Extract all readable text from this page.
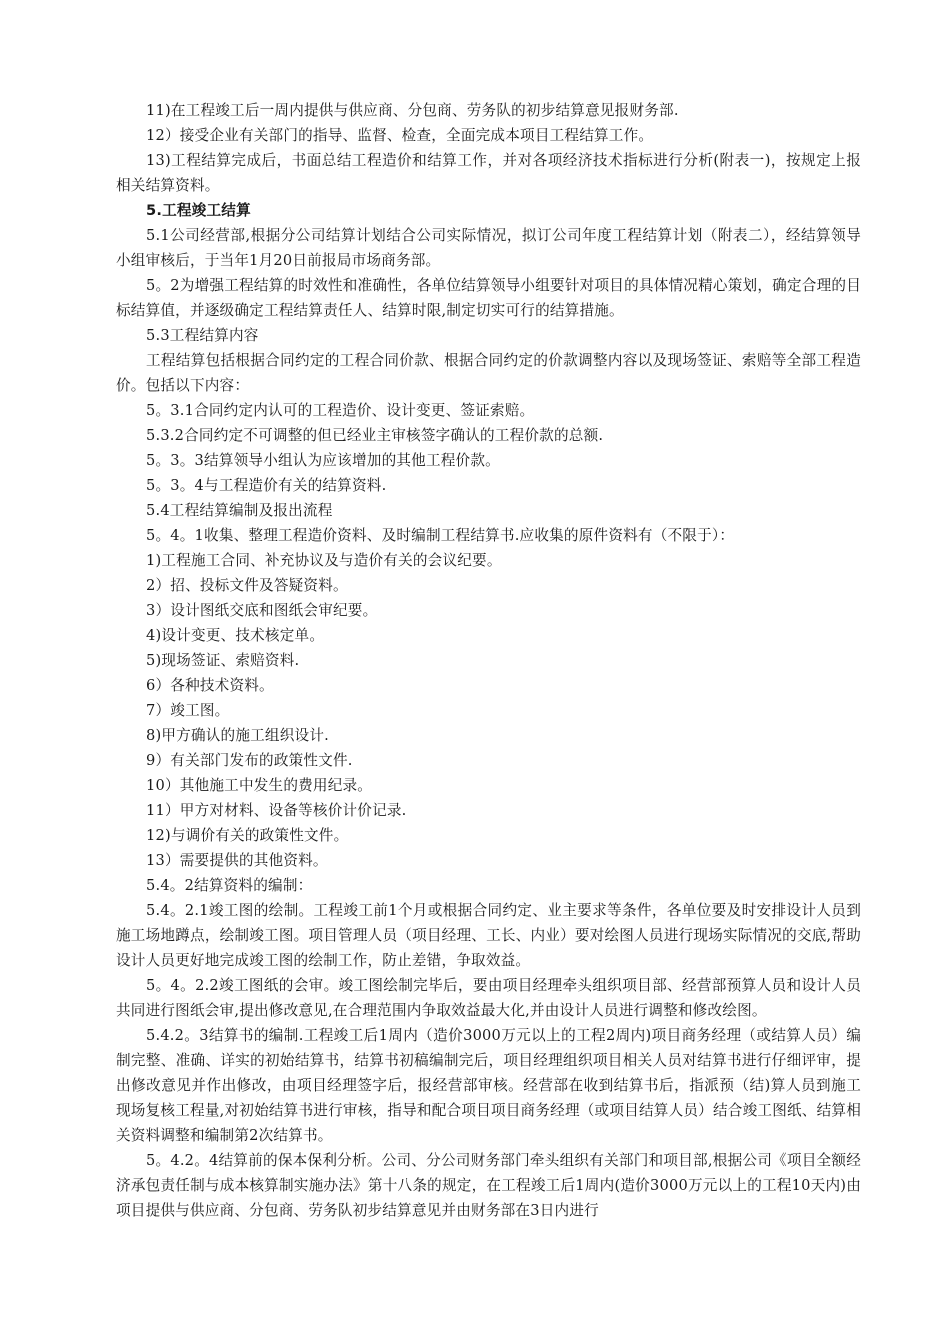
11)在工程竣工后一周内提供与供应商、分包商、劳务队的初步结算意见报财务部.

12）接受企业有关部门的指导、监督、检查，全面完成本项目工程结算工作。

13)工程结算完成后，书面总结工程造价和结算工作，并对各项经济技术指标进行分析(附表一)，按规定上报相关结算资料。

5.工程竣工结算

5.1公司经营部,根据分公司结算计划结合公司实际情况，拟订公司年度工程结算计划（附表二），经结算领导小组审核后，于当年1月20日前报局市场商务部。

5。2为增强工程结算的时效性和准确性，各单位结算领导小组要针对项目的具体情况精心策划，确定合理的目标结算值，并逐级确定工程结算责任人、结算时限,制定切实可行的结算措施。

5.3工程结算内容

工程结算包括根据合同约定的工程合同价款、根据合同约定的价款调整内容以及现场签证、索赔等全部工程造价。包括以下内容：

5。3.1合同约定内认可的工程造价、设计变更、签证索赔。

5.3.2合同约定不可调整的但已经业主审核签字确认的工程价款的总额.

5。3。3结算领导小组认为应该增加的其他工程价款。

5。3。4与工程造价有关的结算资料.

5.4工程结算编制及报出流程

5。4。1收集、整理工程造价资料、及时编制工程结算书.应收集的原件资料有（不限于）：

1)工程施工合同、补充协议及与造价有关的会议纪要。

2）招、投标文件及答疑资料。

3）设计图纸交底和图纸会审纪要。

4)设计变更、技术核定单。

5)现场签证、索赔资料.

6）各种技术资料。

7）竣工图。

8)甲方确认的施工组织设计.

9）有关部门发布的政策性文件.

10）其他施工中发生的费用纪录。

11）甲方对材料、设备等核价计价记录.

12)与调价有关的政策性文件。

13）需要提供的其他资料。

5.4。2结算资料的编制：

5.4。2.1竣工图的绘制。工程竣工前1个月或根据合同约定、业主要求等条件，各单位要及时安排设计人员到施工场地蹲点，绘制竣工图。项目管理人员（项目经理、工长、内业）要对绘图人员进行现场实际情况的交底,帮助设计人员更好地完成竣工图的绘制工作，防止差错，争取效益。

5。4。2.2竣工图纸的会审。竣工图绘制完毕后，要由项目经理牵头组织项目部、经营部预算人员和设计人员共同进行图纸会审,提出修改意见,在合理范围内争取效益最大化,并由设计人员进行调整和修改绘图。

5.4.2。3结算书的编制.工程竣工后1周内（造价3000万元以上的工程2周内)项目商务经理（或结算人员）编制完整、准确、详实的初始结算书，结算书初稿编制完后，项目经理组织项目相关人员对结算书进行仔细评审，提出修改意见并作出修改，由项目经理签字后，报经营部审核。经营部在收到结算书后，指派预（结)算人员到施工现场复核工程量,对初始结算书进行审核，指导和配合项目项目商务经理（或项目结算人员）结合竣工图纸、结算相关资料调整和编制第2次结算书。

5。4.2。4结算前的保本保利分析。公司、分公司财务部门牵头组织有关部门和项目部,根据公司《项目全额经济承包责任制与成本核算制实施办法》第十八条的规定，在工程竣工后1周内(造价3000万元以上的工程10天内)由项目提供与供应商、分包商、劳务队初步结算意见并由财务部在3日内进行
